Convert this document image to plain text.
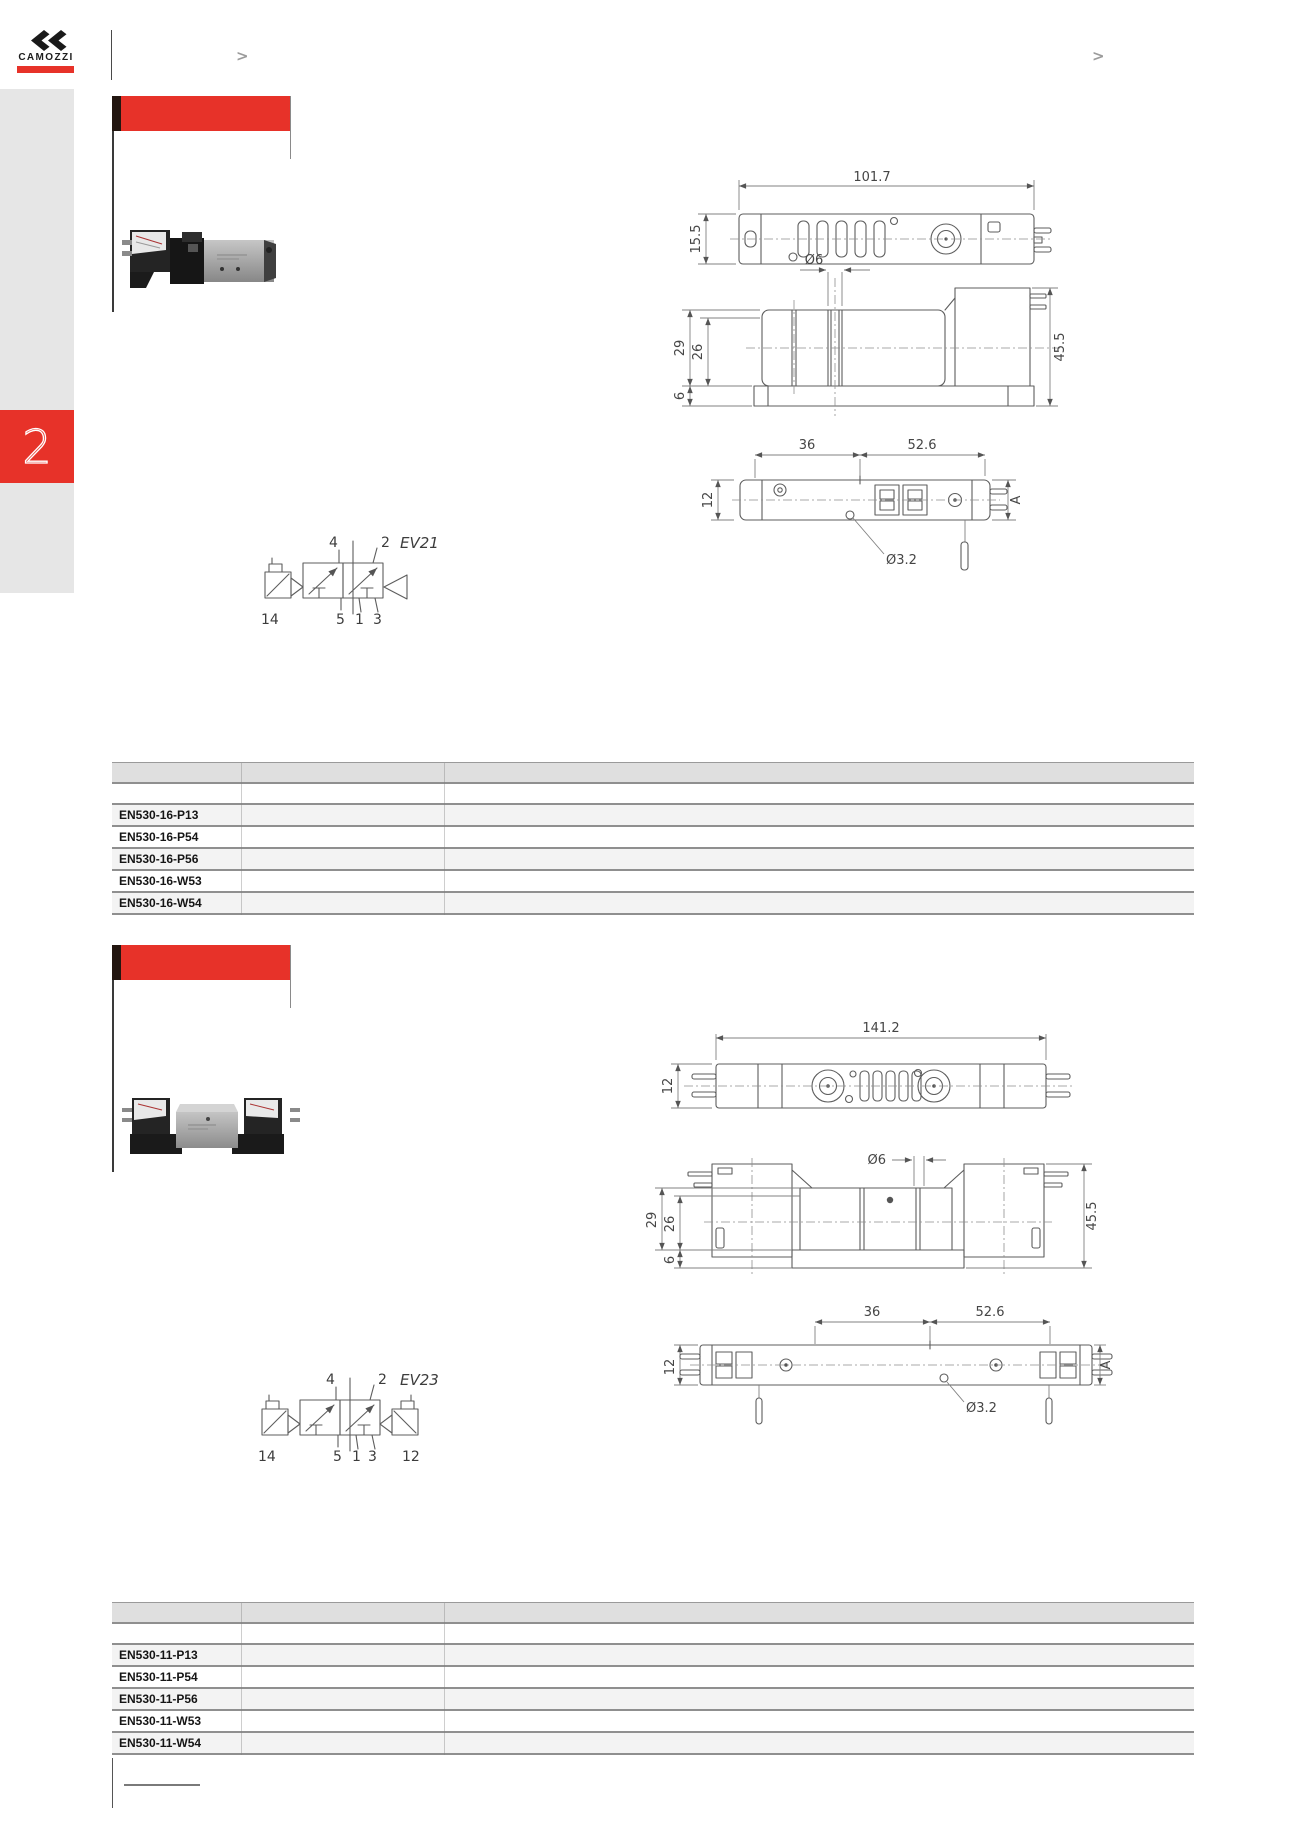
CAMOZZI	>	>
2
101.7
15.5
Ø6
29 26
6
45.5
36	52.6
12	A
Ø3.2
EV21
4	2
5 1 3
14
EN530-16-P13
EN530-16-P54
EN530-16-P56
EN530-16-W53
EN530-16-W54
141.2
12
Ø6
29 26
6
45.5
36	52.6
12
Ø3.2
A
EV23
4	2
5 1 3
14	12
EN530-11-P13
EN530-11-P54
EN530-11-P56
EN530-11-W53
EN530-11-W54
